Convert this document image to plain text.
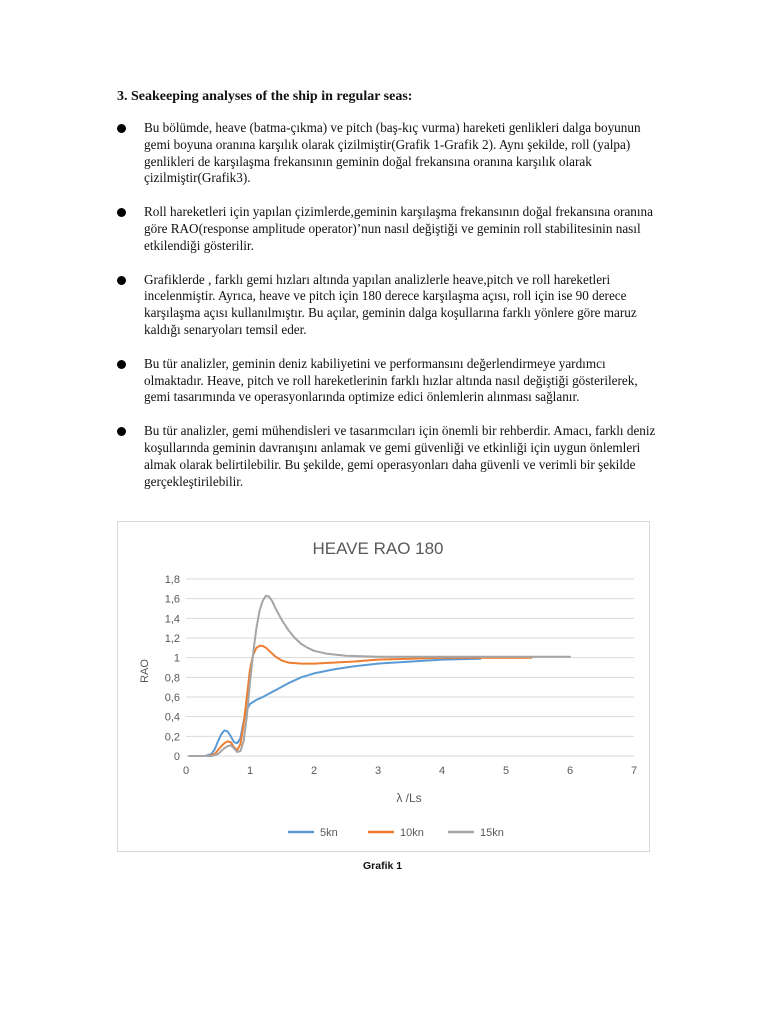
3. Seakeeping analyses of the ship in regular seas:
Bu bölümde, heave (batma-çıkma) ve pitch (baş-kıç vurma) hareketi genlikleri dalga boyunun gemi boyuna oranına karşılık olarak çizilmiştir(Grafik 1-Grafik 2). Aynı şekilde, roll (yalpa) genlikleri de karşılaşma frekansının geminin doğal frekansına oranına karşılık olarak çizilmiştir(Grafik3).
Roll hareketleri için yapılan çizimlerde,geminin karşılaşma frekansının doğal frekansına oranına göre RAO(response amplitude operator)’nun nasıl değiştiği ve geminin roll stabilitesinin nasıl etkilendiği gösterilir.
Grafiklerde , farklı gemi hızları altında yapılan analizlerle heave,pitch ve roll hareketleri incelenmiştir. Ayrıca, heave ve pitch için 180 derece karşılaşma açısı, roll için ise 90 derece karşılaşma açısı kullanılmıştır. Bu açılar, geminin dalga koşullarına farklı yönlere göre maruz kaldığı senaryoları temsil eder.
Bu tür analizler, geminin deniz kabiliyetini ve performansını değerlendirmeye yardımcı olmaktadır. Heave, pitch ve roll hareketlerinin farklı hızlar altında nasıl değiştiği gösterilerek, gemi tasarımında ve operasyonlarında optimize edici önlemlerin alınması sağlanır.
Bu tür analizler, gemi mühendisleri ve tasarımcıları için önemli bir rehberdir. Amacı, farklı deniz koşullarında geminin davranışını anlamak ve gemi güvenliği ve etkinliği için uygun önlemleri almak olarak belirtilebilir. Bu şekilde, gemi operasyonları daha güvenli ve verimli bir şekilde gerçekleştirilebilir.
HEAVE RAO 180
0
0,2
0,4
0,6
0,8
1
1,2
1,4
1,6
1,8
0	1	2	3	4	5	6	7
RAO
λ /Ls
5kn	10kn	15kn
Grafik 1
